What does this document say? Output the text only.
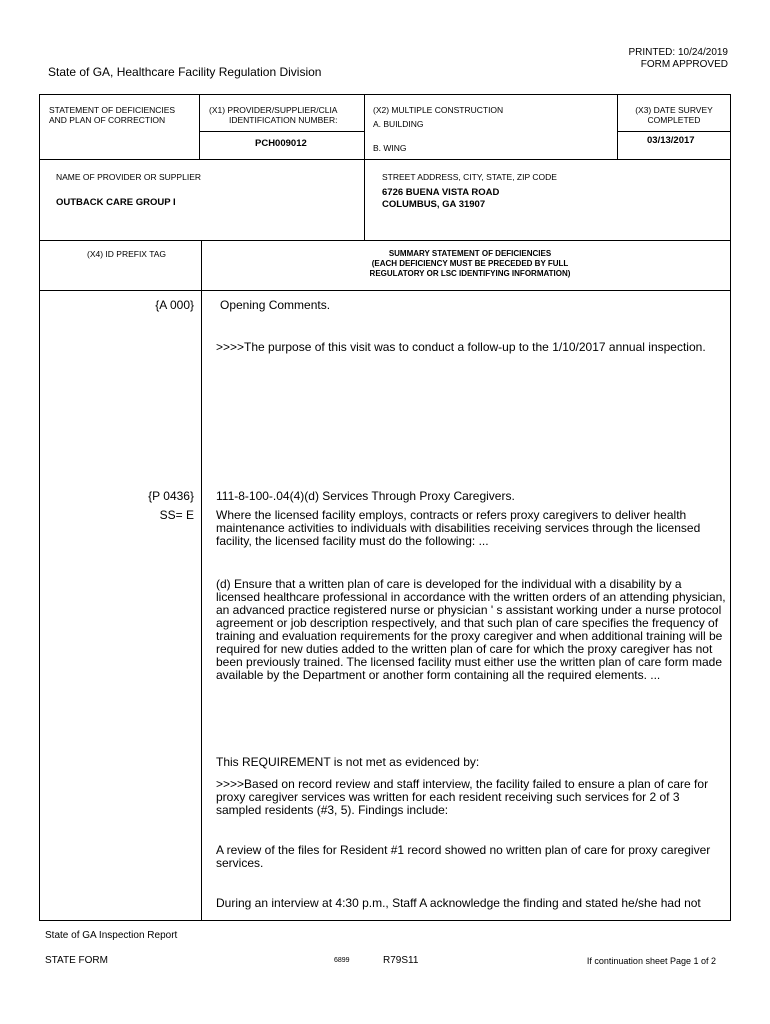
PRINTED: 10/24/2019
FORM APPROVED
State of GA, Healthcare Facility Regulation Division
STATEMENT OF DEFICIENCIES
AND PLAN OF CORRECTION
(X1) PROVIDER/SUPPLIER/CLIA
IDENTIFICATION NUMBER:
PCH009012
(X2) MULTIPLE CONSTRUCTION
A. BUILDING
B. WING
(X3) DATE SURVEY
COMPLETED
03/13/2017
NAME OF PROVIDER OR SUPPLIER
OUTBACK CARE GROUP I
STREET ADDRESS, CITY, STATE, ZIP CODE
6726 BUENA VISTA ROAD
COLUMBUS, GA 31907
(X4) ID PREFIX TAG	SUMMARY STATEMENT OF DEFICIENCIES
(EACH DEFICIENCY MUST BE PRECEDED BY FULL
REGULATORY OR LSC IDENTIFYING INFORMATION)
{A 000} Opening Comments.
>>>>The purpose of this visit was to conduct a follow-up to the 1/10/2017 annual inspection.
{P 0436}
SS= E
111-8-100-.04(4)(d) Services Through Proxy Caregivers.

Where the licensed facility employs, contracts or refers proxy caregivers to deliver health maintenance activities to individuals with disabilities receiving services through the licensed facility, the licensed facility must do the following: ...

(d) Ensure that a written plan of care is developed for the individual with a disability by a licensed healthcare professional in accordance with the written orders of an attending physician, an advanced practice registered nurse or physician ' s assistant working under a nurse protocol agreement or job description respectively, and that such plan of care specifies the frequency of training and evaluation requirements for the proxy caregiver and when additional training will be required for new duties added to the written plan of care for which the proxy caregiver has not been previously trained. The licensed facility must either use the written plan of care form made available by the Department or another form containing all the required elements. ...

This REQUIREMENT is not met as evidenced by:

>>>>Based on record review and staff interview, the facility failed to ensure a plan of care for proxy caregiver services was written for each resident receiving such services for 2 of 3 sampled residents (#3, 5). Findings include:

A review of the files for Resident #1 record showed no written plan of care for proxy caregiver services.

During an interview at 4:30 p.m., Staff A acknowledge the finding and stated he/she had not
State of GA Inspection Report
STATE FORM	6899	R79S11	If continuation sheet Page 1 of 2
